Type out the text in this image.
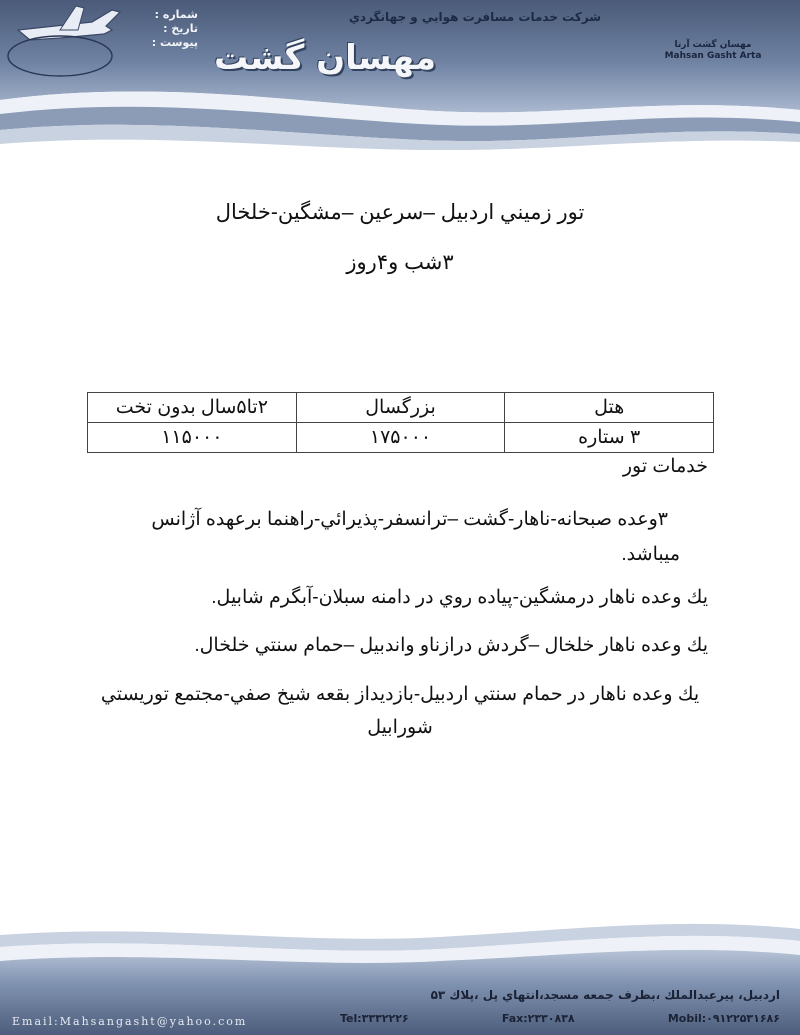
شماره :
تاريخ :
پيوست :
شركت خدمات مسافرت هوايي و جهانگردي
مهسان گشت	مهسان گشت آرتا
Mahsan Gasht Arta
تور زميني اردبيل –سرعين –مشگين-خلخال
۳شب و۴روز
هتل	بزرگسال	۲تا۵سال بدون تخت
۳ ستاره	۱۷۵۰۰۰	۱۱۵۰۰۰
خدمات تور
۳وعده صبحانه-ناهار-گشت –ترانسفر-پذيرائي-راهنما برعهده آژانس ميباشد.
يك وعده ناهار درمشگين-پياده روي در دامنه سبلان-آبگرم شابيل.
يك وعده ناهار خلخال –گردش درازناو واندبيل –حمام سنتي خلخال.
يك وعده ناهار در حمام سنتي اردبيل-بازديداز بقعه شيخ صفي-مجتمع توريستي شورابيل
اردبيل، پيرعبدالملك ،بطرف جمعه مسجد،انتهاي پل ،پلاك ۵۳
Tel:۳۳۳۲۲۲۶	Fax:۲۳۳۰۸۳۸	Mobil:۰۹۱۲۲۵۳۱۶۸۶
Email:Mahsangasht@yahoo.com
